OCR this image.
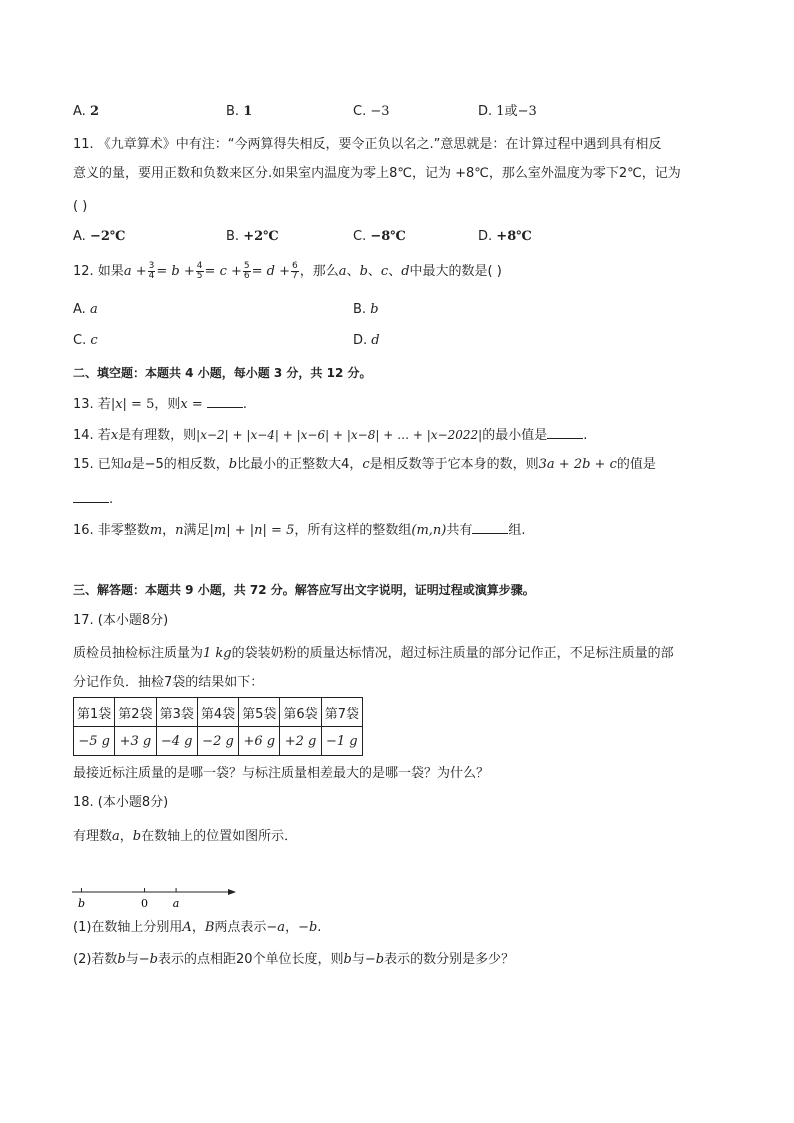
A. 2	B. 1	C. −3	D. 1或−3
11. 《九章算术》中有注：“今两算得失相反，要令正负以名之.”意思就是：在计算过程中遇到具有相反
意义的量，要用正数和负数来区分.如果室内温度为零上8℃，记为 +8℃，那么室外温度为零下2℃，记为
( )
A. −2℃	B. +2℃	C. −8℃	D. +8℃
12. 如果$a + \frac{3}{4} = b + \frac{4}{5} = c + \frac{5}{6} = d + \frac{6}{7}$ ，那么a、b、c、d中最大的数是( )
A. a	B. b
C. c	D. d
二、填空题：本题共 4 小题，每小题 3 分，共 12 分。
13. 若|x| = 5，则x =	.
14. 若x是有理数，则|x−2| + |x−4| + |x−6| + |x−8| + … + |x−2022|的最小值是	.
15. 已知a是−5的相反数，b比最小的正整数大4，c是相反数等于它本身的数，则3a + 2b + c的值是
.
16. 非零整数m，n满足|m| + |n| = 5，所有这样的整数组(m,n)共有	组.
三、解答题：本题共 9 小题，共 72 分。解答应写出文字说明，证明过程或演算步骤。
17. (本小题8分)
质检员抽检标注质量为1 kg的袋装奶粉的质量达标情况，超过标注质量的部分记作正，不足标注质量的部
分记作负．抽检7袋的结果如下：
第1袋	第2袋	第3袋	第4袋	第5袋	第6袋	第7袋
−5 g	+3 g	−4 g	−2 g	+6 g	+2 g	−1 g
最接近标注质量的是哪一袋？与标注质量相差最大的是哪一袋？为什么？
18. (本小题8分)
有理数a，b在数轴上的位置如图所示．
b	0 a
(1)在数轴上分别用A，B两点表示−a，−b.
(2)若数b与−b表示的点相距20个单位长度，则b与−b表示的数分别是多少？
